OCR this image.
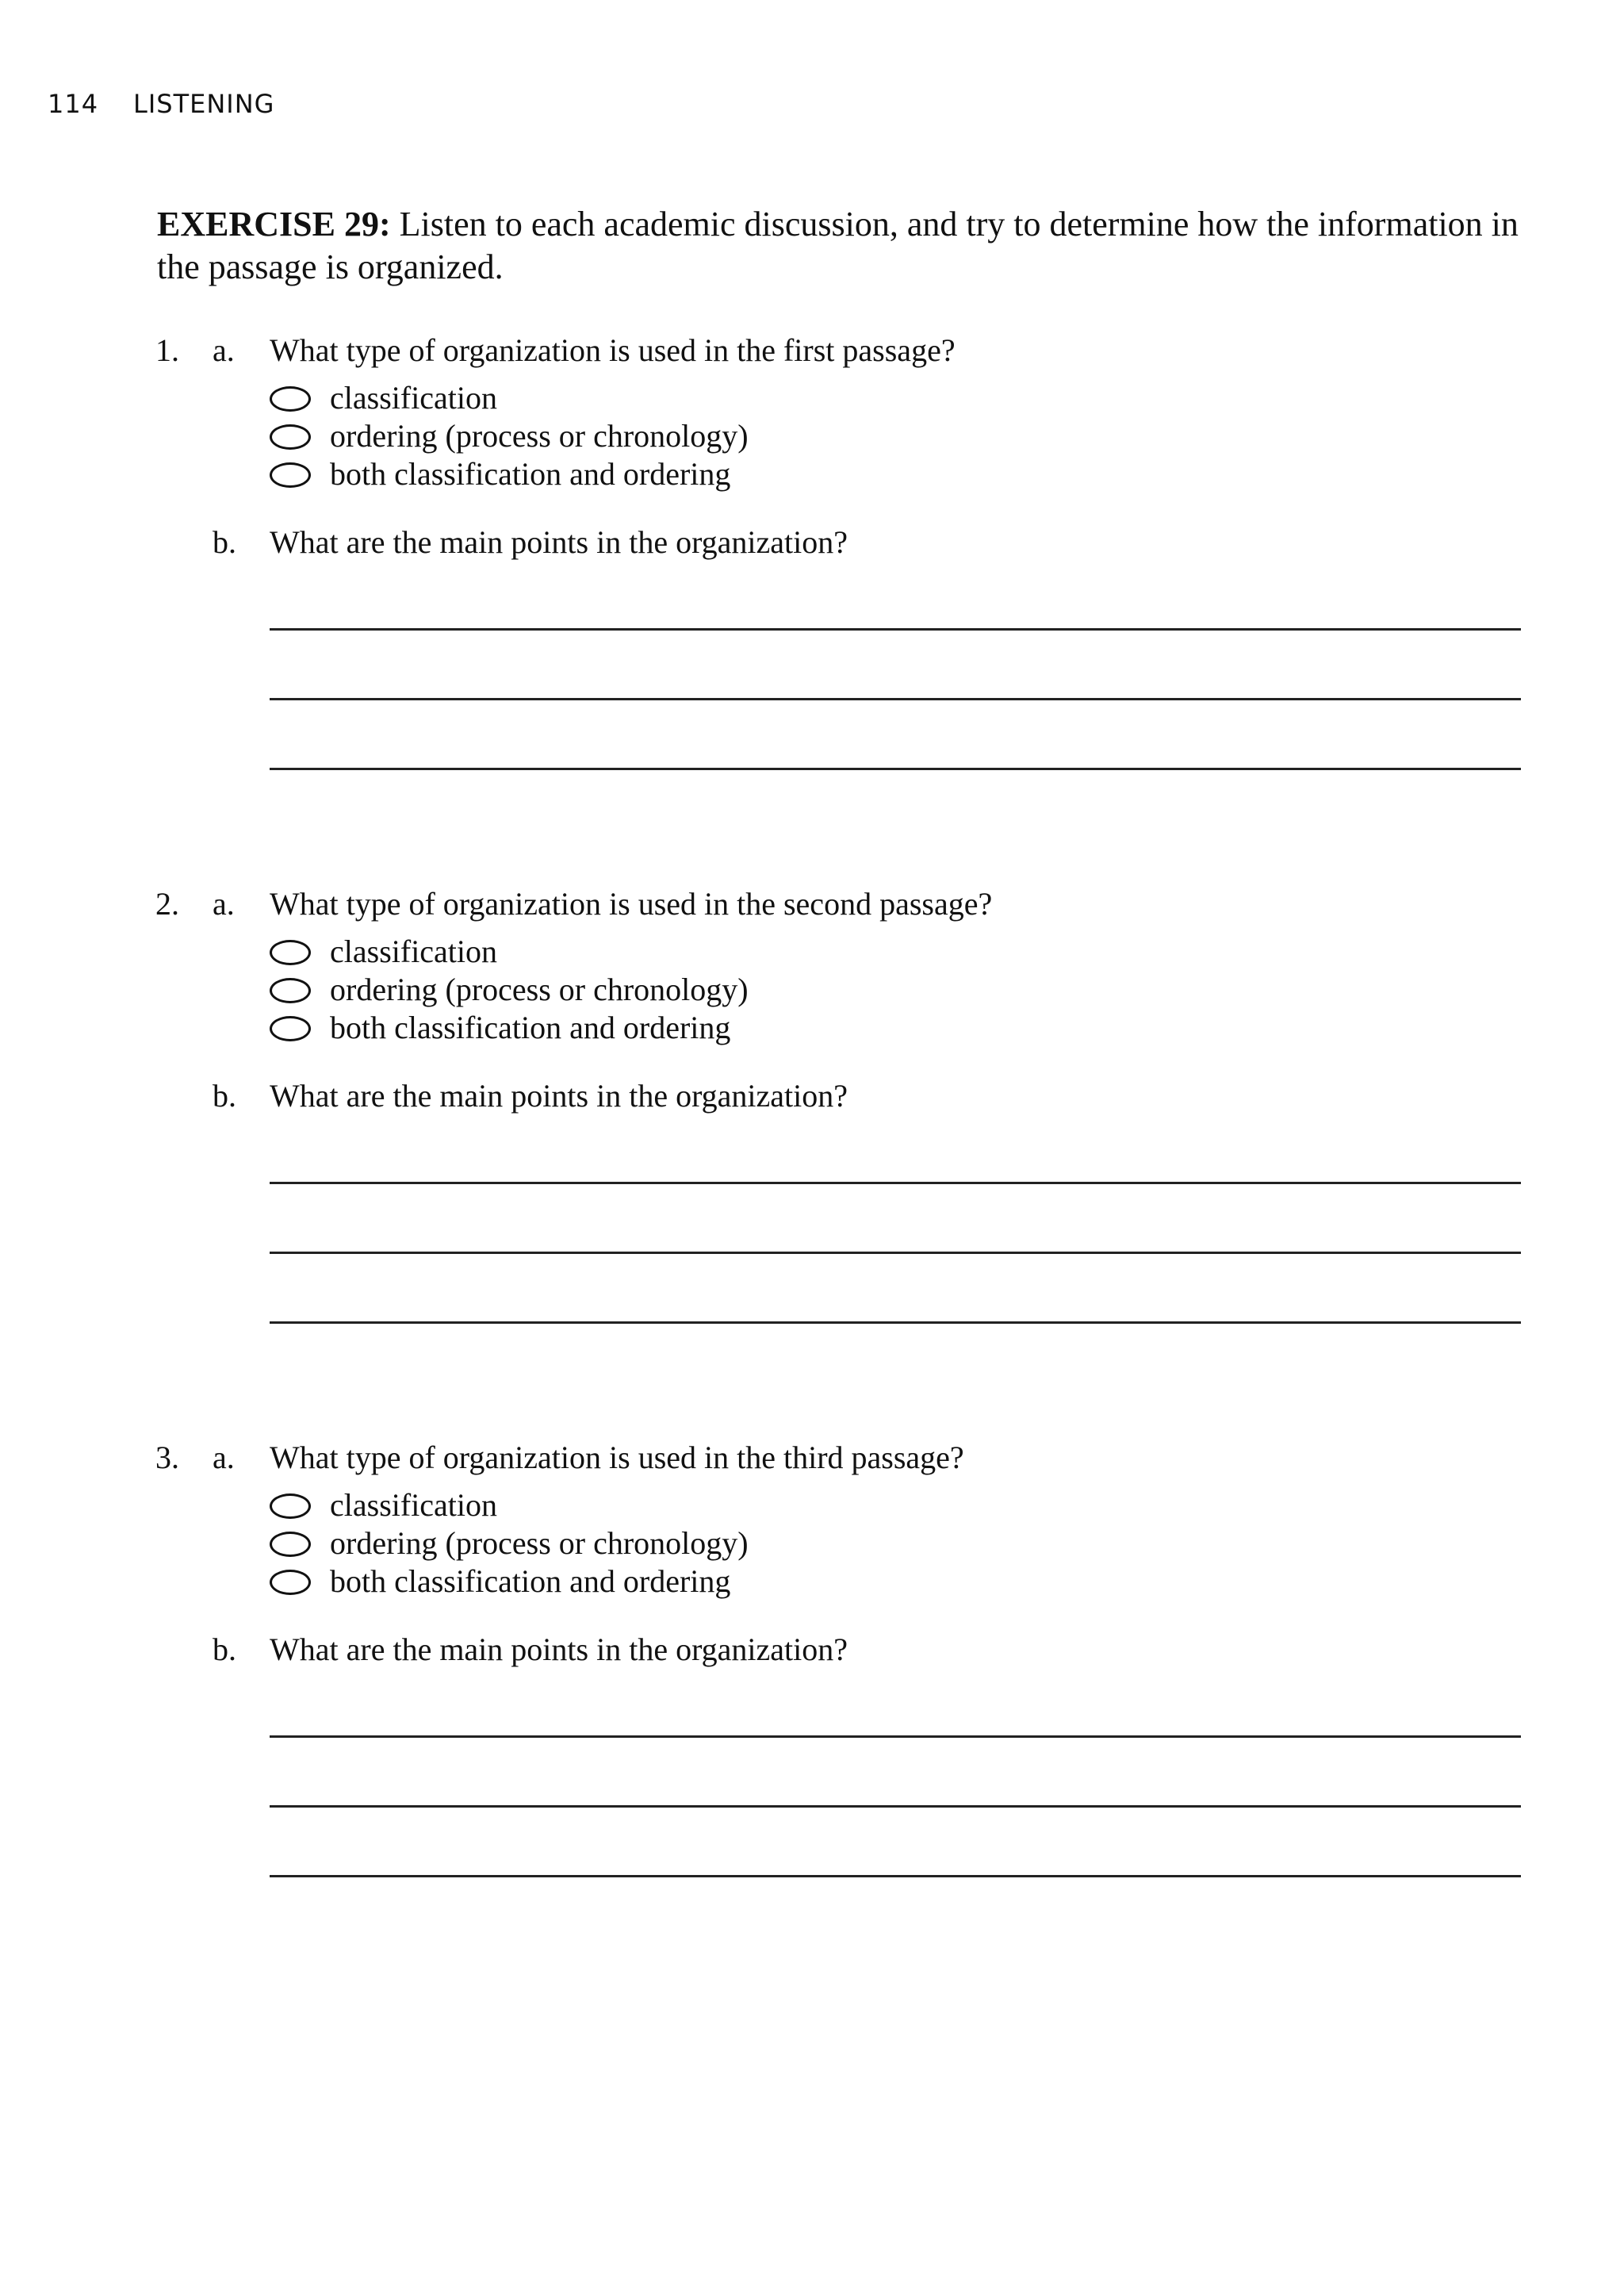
114 LISTENING
EXERCISE 29: Listen to each academic discussion, and try to determine how the information in the passage is organized.
1. a. What type of organization is used in the first passage?
classification
ordering (process or chronology)
both classification and ordering
b. What are the main points in the organization?
2. a. What type of organization is used in the second passage?
classification
ordering (process or chronology)
both classification and ordering
b. What are the main points in the organization?
3. a. What type of organization is used in the third passage?
classification
ordering (process or chronology)
both classification and ordering
b. What are the main points in the organization?
